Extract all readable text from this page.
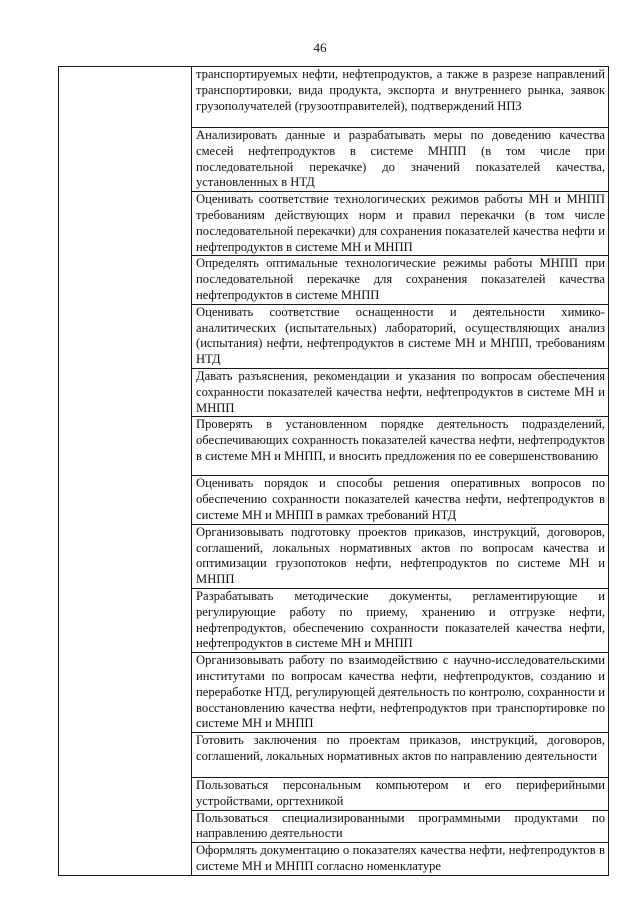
46
	транспортируемых нефти, нефтепродуктов, а также в разрезе направлений транспортировки, вида продукта, экспорта и внутреннего рынка, заявок грузополучателей (грузоотправителей), подтверждений НПЗ
Анализировать данные и разрабатывать меры по доведению качества смесей нефтепродуктов в системе МНПП (в том числе при последовательной перекачке) до значений показателей качества, установленных в НТД
Оценивать соответствие технологических режимов работы МН и МНПП требованиям действующих норм и правил перекачки (в том числе последовательной перекачки) для сохранения показателей качества нефти и нефтепродуктов в системе МН и МНПП
Определять оптимальные технологические режимы работы МНПП при последовательной перекачке для сохранения показателей качества нефтепродуктов в системе МНПП
Оценивать соответствие оснащенности и деятельности химико-аналитических (испытательных) лабораторий, осуществляющих анализ (испытания) нефти, нефтепродуктов в системе МН и МНПП, требованиям НТД
Давать разъяснения, рекомендации и указания по вопросам обеспечения сохранности показателей качества нефти, нефтепродуктов в системе МН и МНПП
Проверять в установленном порядке деятельность подразделений, обеспечивающих сохранность показателей качества нефти, нефтепродуктов в системе МН и МНПП, и вносить предложения по ее совершенствованию
Оценивать порядок и способы решения оперативных вопросов по обеспечению сохранности показателей качества нефти, нефтепродуктов в системе МН и МНПП в рамках требований НТД
Организовывать подготовку проектов приказов, инструкций, договоров, соглашений, локальных нормативных актов по вопросам качества и оптимизации грузопотоков нефти, нефтепродуктов по системе МН и МНПП
Разрабатывать методические документы, регламентирующие и регулирующие работу по приему, хранению и отгрузке нефти, нефтепродуктов, обеспечению сохранности показателей качества нефти, нефтепродуктов в системе МН и МНПП
Организовывать работу по взаимодействию с научно-исследовательскими институтами по вопросам качества нефти, нефтепродуктов, созданию и переработке НТД, регулирующей деятельность по контролю, сохранности и восстановлению качества нефти, нефтепродуктов при транспортировке по системе МН и МНПП
Готовить заключения по проектам приказов, инструкций, договоров, соглашений, локальных нормативных актов по направлению деятельности
Пользоваться персональным компьютером и его периферийными устройствами, оргтехникой
Пользоваться специализированными программными продуктами по направлению деятельности
Оформлять документацию о показателях качества нефти, нефтепродуктов в системе МН и МНПП согласно номенклатуре
